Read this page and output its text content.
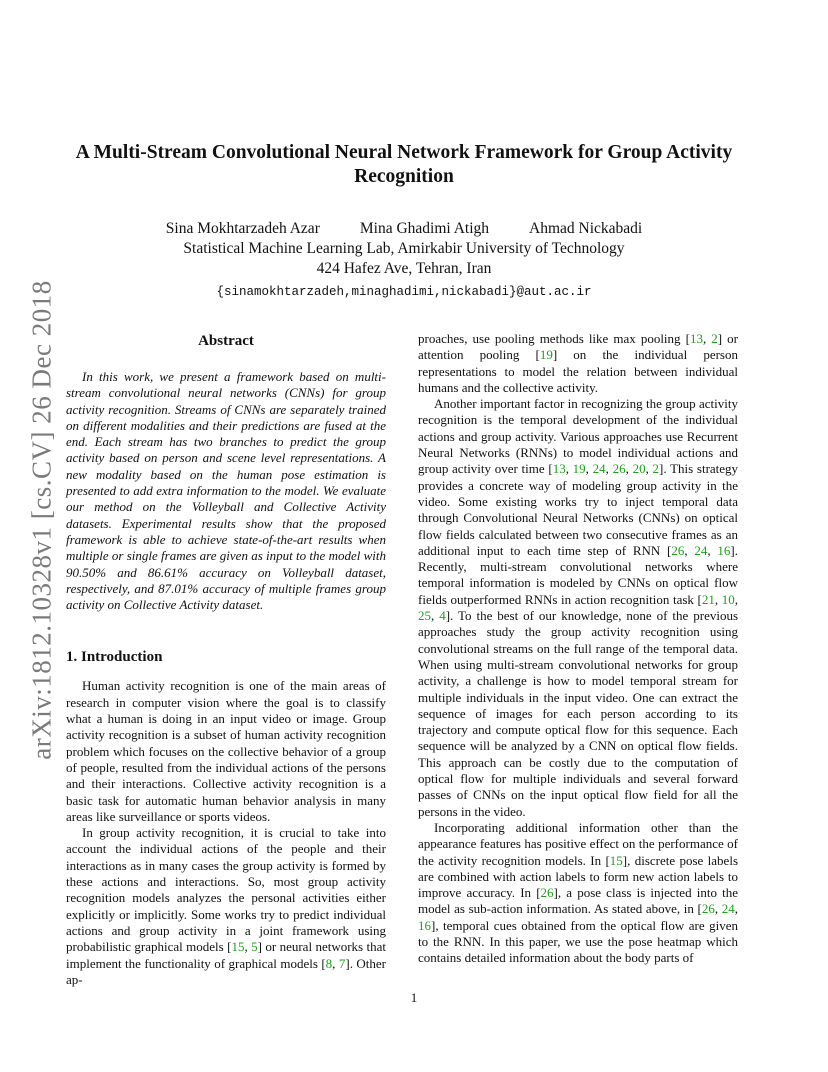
arXiv:1812.10328v1 [cs.CV] 26 Dec 2018
A Multi-Stream Convolutional Neural Network Framework for Group Activity Recognition
Sina Mokhtarzadeh Azar	Mina Ghadimi Atigh	Ahmad Nickabadi
Statistical Machine Learning Lab, Amirkabir University of Technology
424 Hafez Ave, Tehran, Iran
{sinamokhtarzadeh,minaghadimi,nickabadi}@aut.ac.ir
Abstract

In this work, we present a framework based on multi-stream convolutional neural networks (CNNs) for group activity recognition. Streams of CNNs are separately trained on different modalities and their predictions are fused at the end. Each stream has two branches to predict the group activity based on person and scene level representations. A new modality based on the human pose estimation is presented to add extra information to the model. We evaluate our method on the Volleyball and Collective Activity datasets. Experimental results show that the proposed framework is able to achieve state-of-the-art results when multiple or single frames are given as input to the model with 90.50% and 86.61% accuracy on Volleyball dataset, respectively, and 87.01% accuracy of multiple frames group activity on Collective Activity dataset.

1. Introduction

Human activity recognition is one of the main areas of research in computer vision where the goal is to classify what a human is doing in an input video or image. Group activity recognition is a subset of human activity recognition problem which focuses on the collective behavior of a group of people, resulted from the individual actions of the persons and their interactions. Collective activity recognition is a basic task for automatic human behavior analysis in many areas like surveillance or sports videos.

In group activity recognition, it is crucial to take into account the individual actions of the people and their interactions as in many cases the group activity is formed by these actions and interactions. So, most group activity recognition models analyzes the personal activities either explicitly or implicitly. Some works try to predict individual actions and group activity in a joint framework using probabilistic graphical models [15, 5] or neural networks that implement the functionality of graphical models [8, 7]. Other ap-

proaches, use pooling methods like max pooling [13, 2] or attention pooling [19] on the individual person representations to model the relation between individual humans and the collective activity.

Another important factor in recognizing the group activity recognition is the temporal development of the individual actions and group activity. Various approaches use Recurrent Neural Networks (RNNs) to model individual actions and group activity over time [13, 19, 24, 26, 20, 2]. This strategy provides a concrete way of modeling group activity in the video. Some existing works try to inject temporal data through Convolutional Neural Networks (CNNs) on optical flow fields calculated between two consecutive frames as an additional input to each time step of RNN [26, 24, 16]. Recently, multi-stream convolutional networks where temporal information is modeled by CNNs on optical flow fields outperformed RNNs in action recognition task [21, 10, 25, 4]. To the best of our knowledge, none of the previous approaches study the group activity recognition using convolutional streams on the full range of the temporal data. When using multi-stream convolutional networks for group activity, a challenge is how to model temporal stream for multiple individuals in the input video. One can extract the sequence of images for each person according to its trajectory and compute optical flow for this sequence. Each sequence will be analyzed by a CNN on optical flow fields. This approach can be costly due to the computation of optical flow for multiple individuals and several forward passes of CNNs on the input optical flow field for all the persons in the video.

Incorporating additional information other than the appearance features has positive effect on the performance of the activity recognition models. In [15], discrete pose labels are combined with action labels to form new action labels to improve accuracy. In [26], a pose class is injected into the model as sub-action information. As stated above, in [26, 24, 16], temporal cues obtained from the optical flow are given to the RNN. In this paper, we use the pose heatmap which contains detailed information about the body parts of

1
